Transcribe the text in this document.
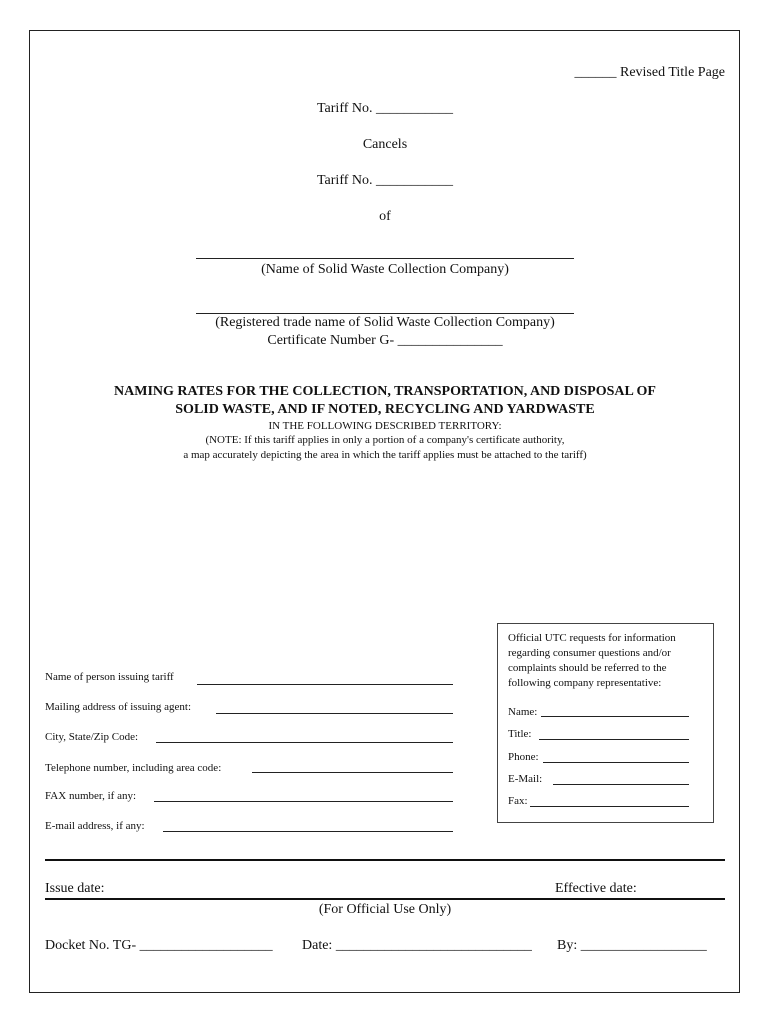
______ Revised Title Page
Tariff No. ___________
Cancels
Tariff No. ___________
of
(Name of Solid Waste Collection Company)
(Registered trade name of Solid Waste Collection Company)
Certificate Number G- _______________
NAMING RATES FOR THE COLLECTION, TRANSPORTATION, AND DISPOSAL OF
SOLID WASTE, AND IF NOTED, RECYCLING AND YARDWASTE
IN THE FOLLOWING DESCRIBED TERRITORY:
(NOTE: If this tariff applies in only a portion of a company's certificate authority,
a map accurately depicting the area in which the tariff applies must be attached to the tariff)
Name of person issuing tariff
Mailing address of issuing agent:
City, State/Zip Code:
Telephone number, including area code:
FAX number, if any:
E-mail address, if any:
Official UTC requests for information
regarding consumer questions and/or
complaints should be referred to the
following company representative:
Name:
Title:
Phone:
E-Mail:
Fax:
Issue date:	Effective date:
(For Official Use Only)
Docket No. TG- ___________________ Date: ____________________________ By: __________________
